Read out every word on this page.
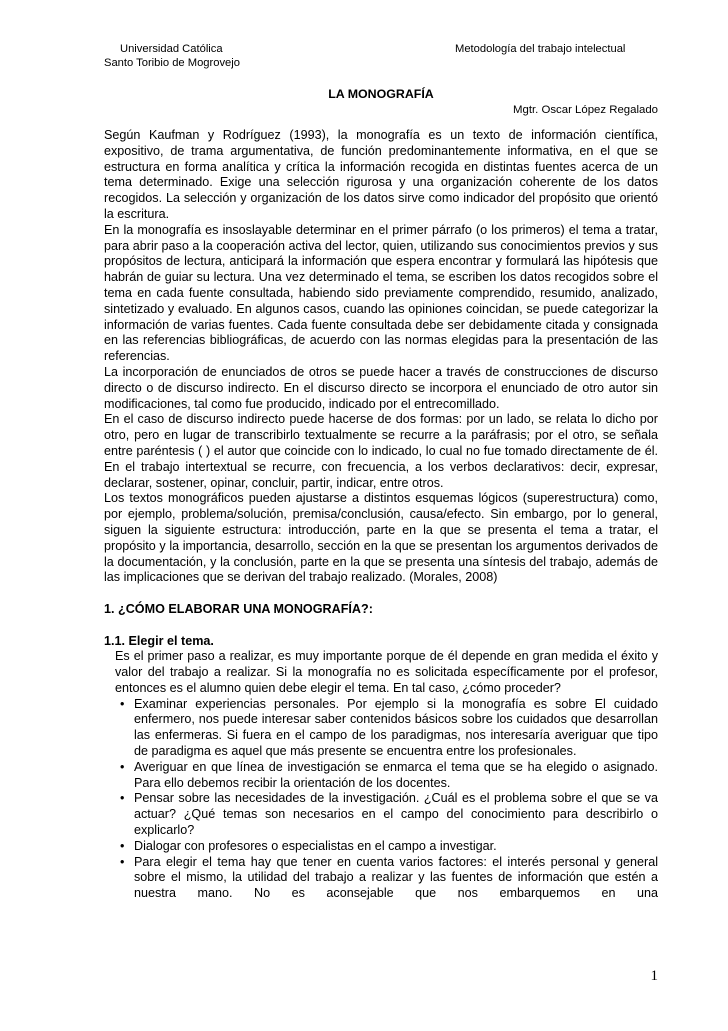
Universidad Católica
Santo Toribio de Mogrovejo
Metodología del trabajo intelectual
LA MONOGRAFÍA
Mgtr. Oscar López Regalado

Según Kaufman y Rodríguez (1993), la monografía es un texto de información científica, expositivo, de trama argumentativa, de función predominantemente informativa, en el que se estructura en forma analítica y crítica la información recogida en distintas fuentes acerca de un tema determinado. Exige una selección rigurosa y una organización coherente de los datos recogidos. La selección y organización de los datos sirve como indicador del propósito que orientó la escritura.

En la monografía es insoslayable determinar en el primer párrafo (o los primeros) el tema a tratar, para abrir paso a la cooperación activa del lector, quien, utilizando sus conocimientos previos y sus propósitos de lectura, anticipará la información que espera encontrar y formulará las hipótesis que habrán de guiar su lectura. Una vez determinado el tema, se escriben los datos recogidos sobre el tema en cada fuente consultada, habiendo sido previamente comprendido, resumido, analizado, sintetizado y evaluado. En algunos casos, cuando las opiniones coincidan, se puede categorizar la información de varias fuentes. Cada fuente consultada debe ser debidamente citada y consignada en las referencias bibliográficas, de acuerdo con las normas elegidas para la presentación de las referencias.

La incorporación de enunciados de otros se puede hacer a través de construcciones de discurso directo o de discurso indirecto. En el discurso directo se incorpora el enunciado de otro autor sin modificaciones, tal como fue producido, indicado por el entrecomillado.

En el caso de discurso indirecto puede hacerse de dos formas: por un lado, se relata lo dicho por otro, pero en lugar de transcribirlo textualmente se recurre a la paráfrasis; por el otro, se señala entre paréntesis ( ) el autor que coincide con lo indicado, lo cual no fue tomado directamente de él. En el trabajo intertextual se recurre, con frecuencia, a los verbos declarativos: decir, expresar, declarar, sostener, opinar, concluir, partir, indicar, entre otros.

Los textos monográficos pueden ajustarse a distintos esquemas lógicos (superestructura) como, por ejemplo, problema/solución, premisa/conclusión, causa/efecto. Sin embargo, por lo general, siguen la siguiente estructura: introducción, parte en la que se presenta el tema a tratar, el propósito y la importancia, desarrollo, sección en la que se presentan los argumentos derivados de la documentación, y la conclusión, parte en la que se presenta una síntesis del trabajo, además de las implicaciones que se derivan del trabajo realizado. (Morales, 2008)

1. ¿CÓMO ELABORAR UNA MONOGRAFÍA?:

1.1. Elegir el tema.

Es el primer paso a realizar, es muy importante porque de él depende en gran medida el éxito y valor del trabajo a realizar. Si la monografía no es solicitada específicamente por el profesor, entonces es el alumno quien debe elegir el tema. En tal caso, ¿cómo proceder?

• Examinar experiencias personales. Por ejemplo si la monografía es sobre El cuidado enfermero, nos puede interesar saber contenidos básicos sobre los cuidados que desarrollan las enfermeras. Si fuera en el campo de los paradigmas, nos interesaría averiguar que tipo de paradigma es aquel que más presente se encuentra entre los profesionales.
• Averiguar en que línea de investigación se enmarca el tema que se ha elegido o asignado. Para ello debemos recibir la orientación de los docentes.
• Pensar sobre las necesidades de la investigación. ¿Cuál es el problema sobre el que se va actuar? ¿Qué temas son necesarios en el campo del conocimiento para describirlo o explicarlo?
• Dialogar con profesores o especialistas en el campo a investigar.
• Para elegir el tema hay que tener en cuenta varios factores: el interés personal y general sobre el mismo, la utilidad del trabajo a realizar y las fuentes de información que estén a nuestra mano. No es aconsejable que nos embarquemos en una
1
